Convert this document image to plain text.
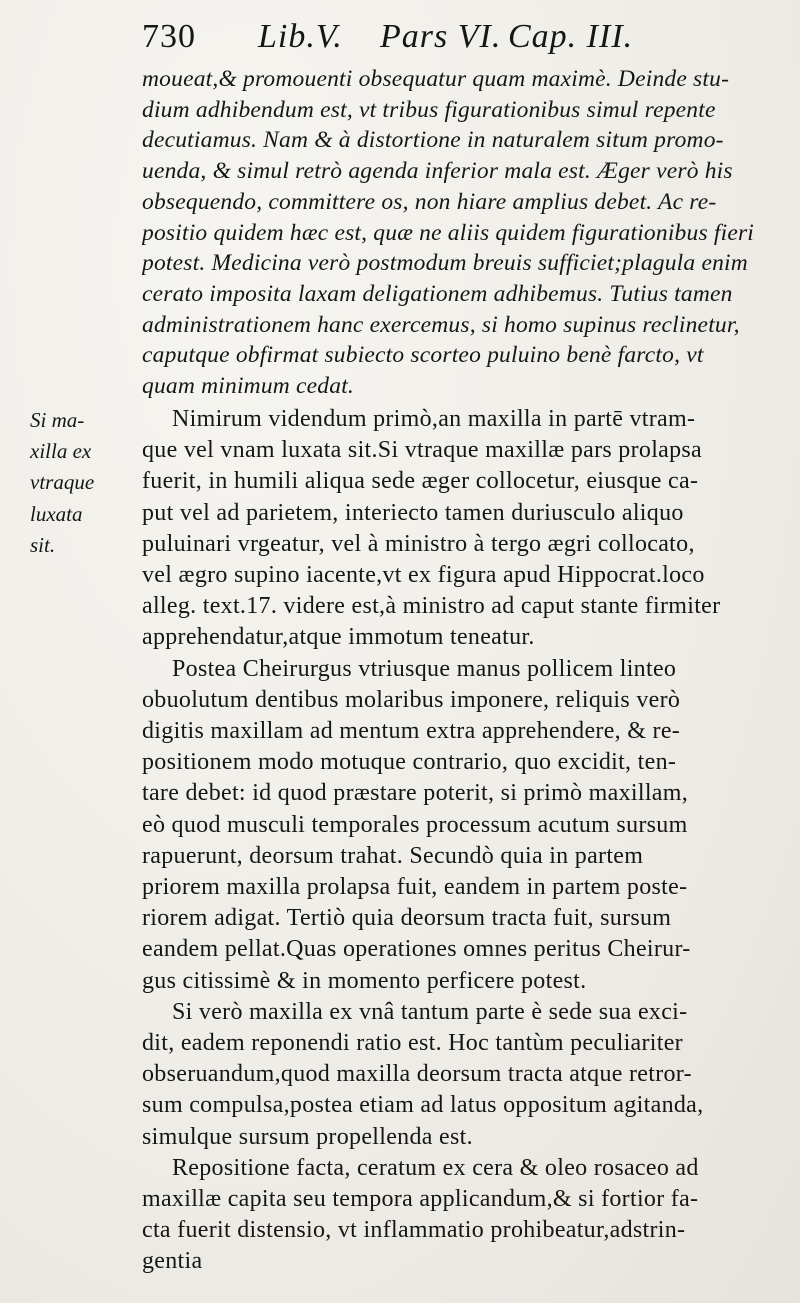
730 Lib.V. Pars VI. Cap. III.
moueat,& promouenti obsequatur quam maximè. Deinde stu-
dium adhibendum est, vt tribus figurationibus simul repente
decutiamus. Nam & à distortione in naturalem situm promo-
uenda, & simul retrò agenda inferior mala est. Æger verò his
obsequendo, committere os, non hiare amplius debet. Ac re-
positio quidem hæc est, quæ ne aliis quidem figurationibus fieri
potest. Medicina verò postmodum breuis sufficiet;plagula enim
cerato imposita laxam deligationem adhibemus. Tutius tamen
administrationem hanc exercemus, si homo supinus reclinetur,
caputque obfirmat subiecto scorteo puluino benè farcto, vt
quam minimum cedat.
Si ma-
xilla ex
vtraque
luxata
sit.
Nimirum videndum primò,an maxilla in partē vtram-
que vel vnam luxata sit.Si vtraque maxillæ pars prolapsa
fuerit, in humili aliqua sede æger collocetur, eiusque ca-
put vel ad parietem, interiecto tamen duriusculo aliquo
puluinari vrgeatur, vel à ministro à tergo ægri collocato,
vel ægro supino iacente,vt ex figura apud Hippocrat.loco
alleg. text.17. videre est,à ministro ad caput stante firmiter
apprehendatur,atque immotum teneatur.
Postea Cheirurgus vtriusque manus pollicem linteo
obuolutum dentibus molaribus imponere, reliquis verò
digitis maxillam ad mentum extra apprehendere, & re-
positionem modo motuque contrario, quo excidit, ten-
tare debet: id quod præstare poterit, si primò maxillam,
eò quod musculi temporales processum acutum sursum
rapuerunt, deorsum trahat. Secundò quia in partem
priorem maxilla prolapsa fuit, eandem in partem poste-
riorem adigat. Tertiò quia deorsum tracta fuit, sursum
eandem pellat.Quas operationes omnes peritus Cheirur-
gus citissimè & in momento perficere potest.
Si verò maxilla ex vnâ tantum parte è sede sua exci-
dit, eadem reponendi ratio est. Hoc tantùm peculiariter
obseruandum,quod maxilla deorsum tracta atque retror-
sum compulsa,postea etiam ad latus oppositum agitanda,
simulque sursum propellenda est.
Repositione facta, ceratum ex cera & oleo rosaceo ad
maxillæ capita seu tempora applicandum,& si fortior fa-
cta fuerit distensio, vt inflammatio prohibeatur,adstrin-
gentia
